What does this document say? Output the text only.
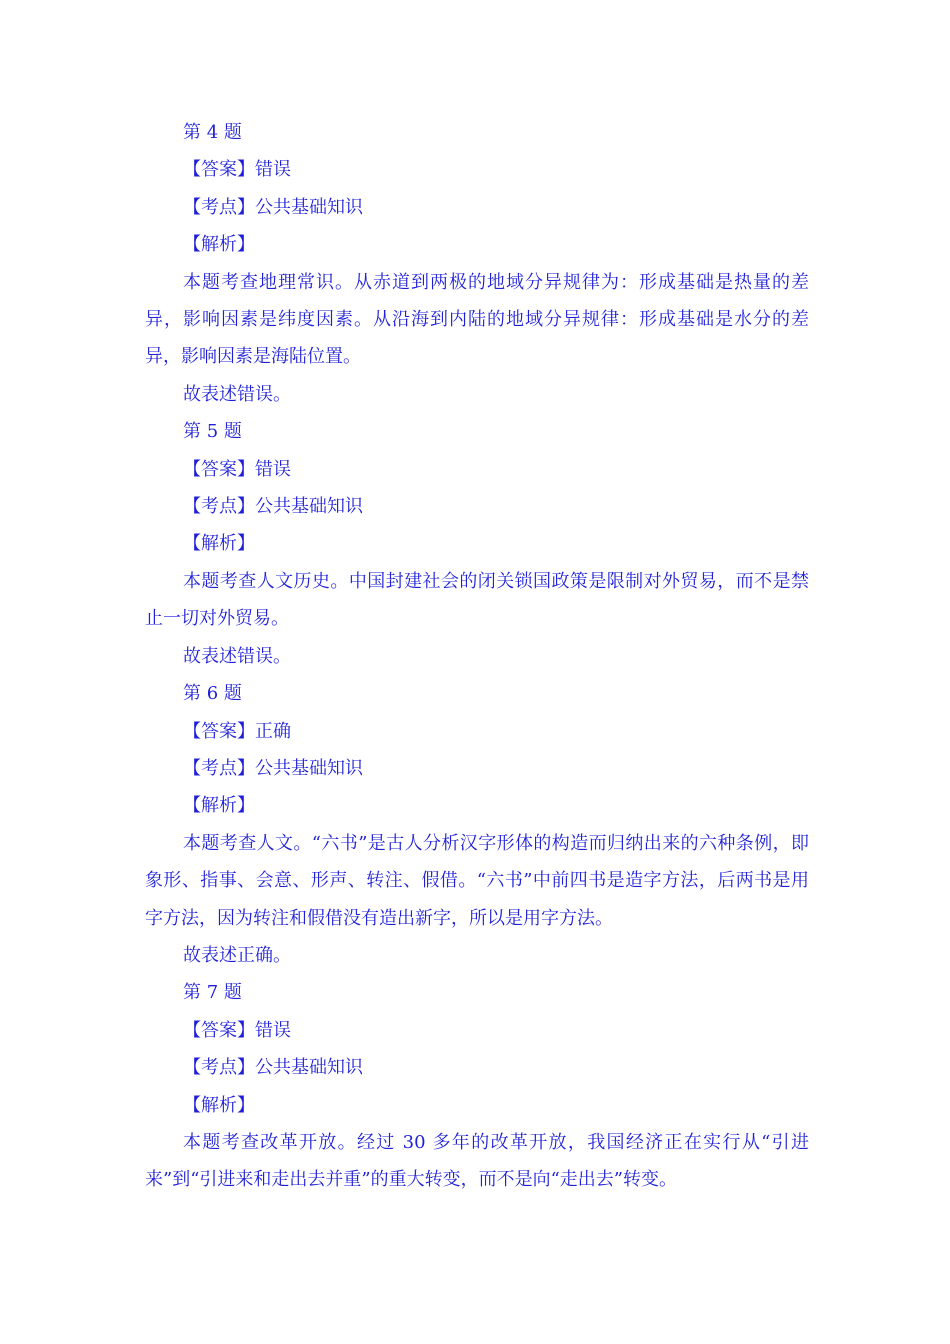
第 4 题

【答案】错误

【考点】公共基础知识

【解析】

本题考查地理常识。从赤道到两极的地域分异规律为：形成基础是热量的差异，影响因素是纬度因素。从沿海到内陆的地域分异规律：形成基础是水分的差异，影响因素是海陆位置。

故表述错误。

第 5 题

【答案】错误

【考点】公共基础知识

【解析】

本题考查人文历史。中国封建社会的闭关锁国政策是限制对外贸易，而不是禁止一切对外贸易。

故表述错误。

第 6 题

【答案】正确

【考点】公共基础知识

【解析】

本题考查人文。“六书”是古人分析汉字形体的构造而归纳出来的六种条例，即象形、指事、会意、形声、转注、假借。“六书”中前四书是造字方法，后两书是用字方法，因为转注和假借没有造出新字，所以是用字方法。

故表述正确。

第 7 题

【答案】错误

【考点】公共基础知识

【解析】

本题考查改革开放。经过 30 多年的改革开放，我国经济正在实行从“引进来”到“引进来和走出去并重”的重大转变，而不是向“走出去”转变。
